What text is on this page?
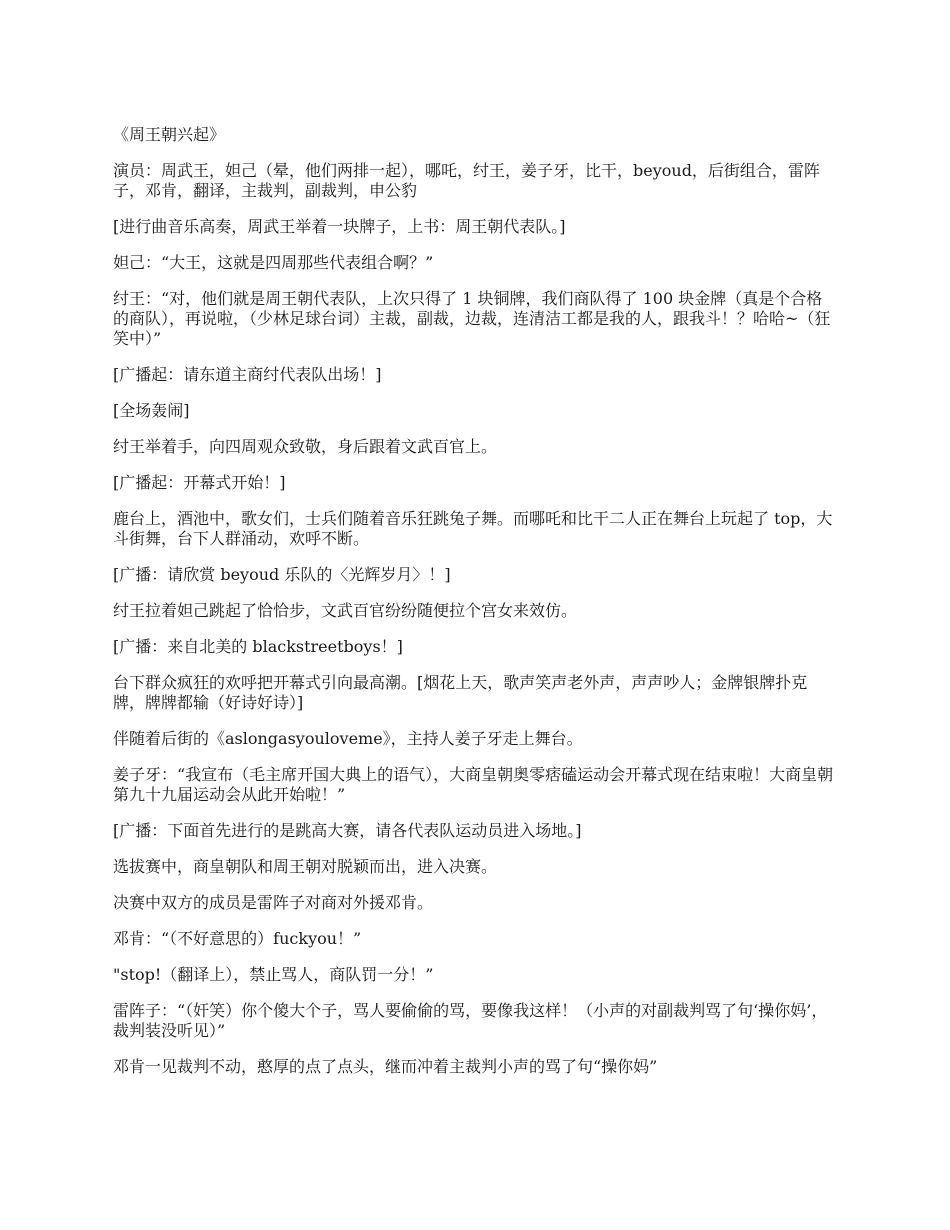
《周王朝兴起》

演员：周武王，妲己（晕，他们两排一起），哪吒，纣王，姜子牙，比干，beyoud，后街组合，雷阵子，邓肯，翻译，主裁判，副裁判，申公豹

[进行曲音乐高奏，周武王举着一块牌子，上书：周王朝代表队。]

妲己：“大王，这就是四周那些代表组合啊？”

纣王：“对，他们就是周王朝代表队，上次只得了 1 块铜牌，我们商队得了 100 块金牌（真是个合格的商队），再说啦，（少林足球台词）主裁，副裁，边裁，连清洁工都是我的人，跟我斗！？哈哈~（狂笑中）”

[广播起：请东道主商纣代表队出场！]

[全场轰闹]

纣王举着手，向四周观众致敬，身后跟着文武百官上。

[广播起：开幕式开始！]

鹿台上，酒池中，歌女们，士兵们随着音乐狂跳兔子舞。而哪吒和比干二人正在舞台上玩起了 top，大斗街舞，台下人群涌动，欢呼不断。

[广播：请欣赏 beyoud 乐队的〈光辉岁月〉！]

纣王拉着妲己跳起了恰恰步，文武百官纷纷随便拉个宫女来效仿。

[广播：来自北美的 blackstreetboys！]

台下群众疯狂的欢呼把开幕式引向最高潮。[烟花上天，歌声笑声老外声，声声吵人；金牌银牌扑克牌，牌牌都输（好诗好诗）]

伴随着后街的《aslongasyouloveme》，主持人姜子牙走上舞台。

姜子牙：“我宣布（毛主席开国大典上的语气），大商皇朝奥零痞磕运动会开幕式现在结束啦！大商皇朝第九十九届运动会从此开始啦！”

[广播：下面首先进行的是跳高大赛，请各代表队运动员进入场地。]

选拔赛中，商皇朝队和周王朝对脱颖而出，进入决赛。

决赛中双方的成员是雷阵子对商对外援邓肯。

邓肯：“（不好意思的）fuckyou！”

"stop!（翻译上），禁止骂人，商队罚一分！”

雷阵子：“（奸笑）你个傻大个子，骂人要偷偷的骂，要像我这样！（小声的对副裁判骂了句‘操你妈’，裁判装没听见）”

邓肯一见裁判不动，憨厚的点了点头，继而冲着主裁判小声的骂了句“操你妈”
